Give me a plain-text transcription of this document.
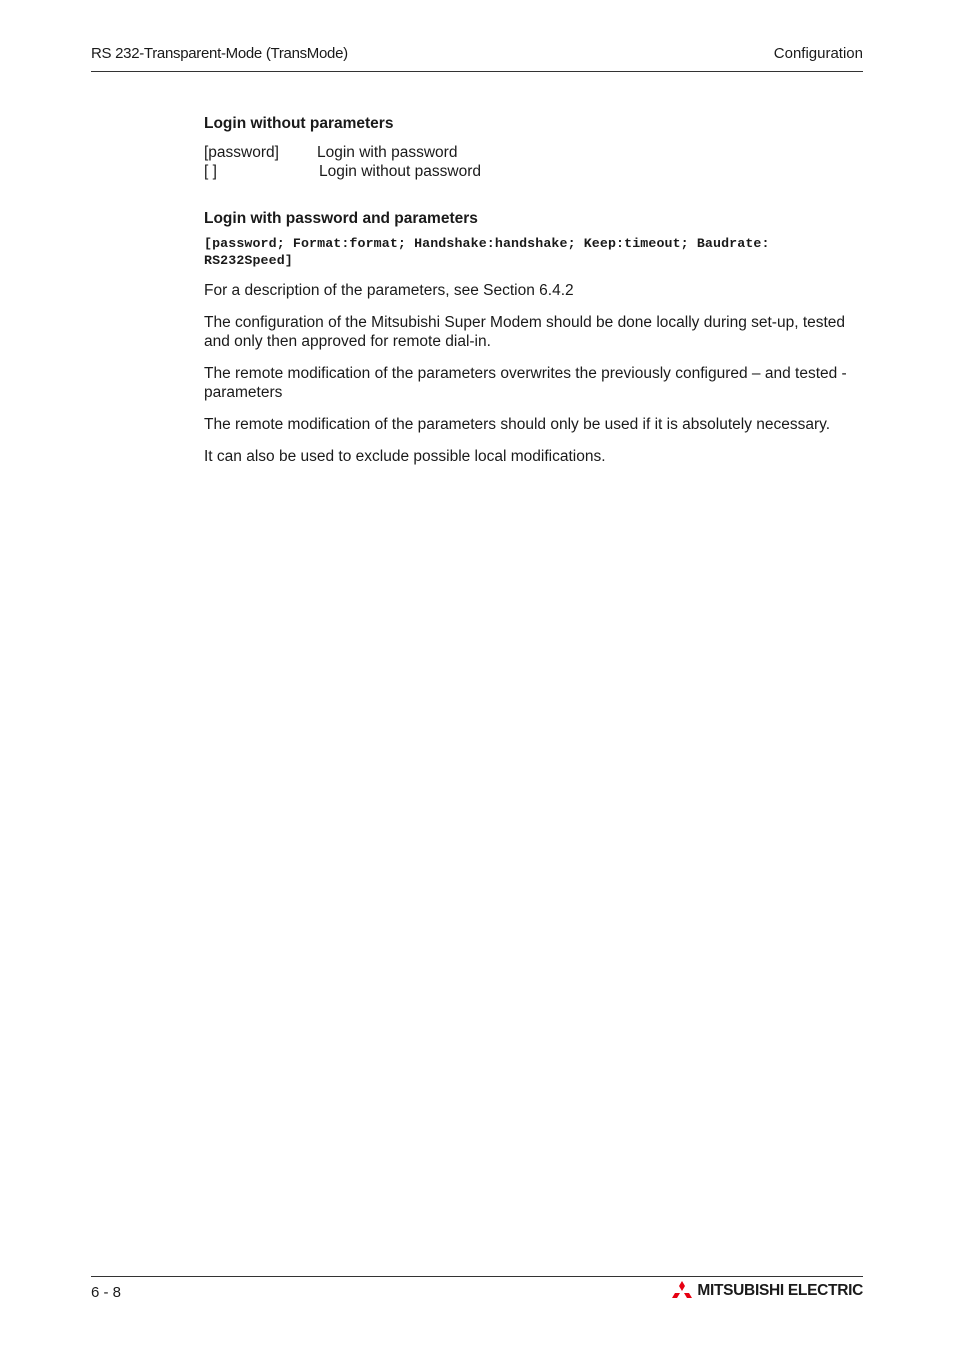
RS 232-Transparent-Mode (TransMode)	Configuration
Login without parameters
[password]	Login with password
[ ]	Login without password
Login with password and parameters
[password; Format:format; Handshake:handshake; Keep:timeout; Baudrate:
RS232Speed]

For a description of the parameters, see Section 6.4.2

The configuration of the Mitsubishi Super Modem should be done locally during set-up, tested and only then approved for remote dial-in.

The remote modification of the parameters overwrites the previously configured – and tested - parameters

The remote modification of the parameters should only be used if it is absolutely necessary.

It can also be used to exclude possible local modifications.

6 - 8	MITSUBISHI ELECTRIC
